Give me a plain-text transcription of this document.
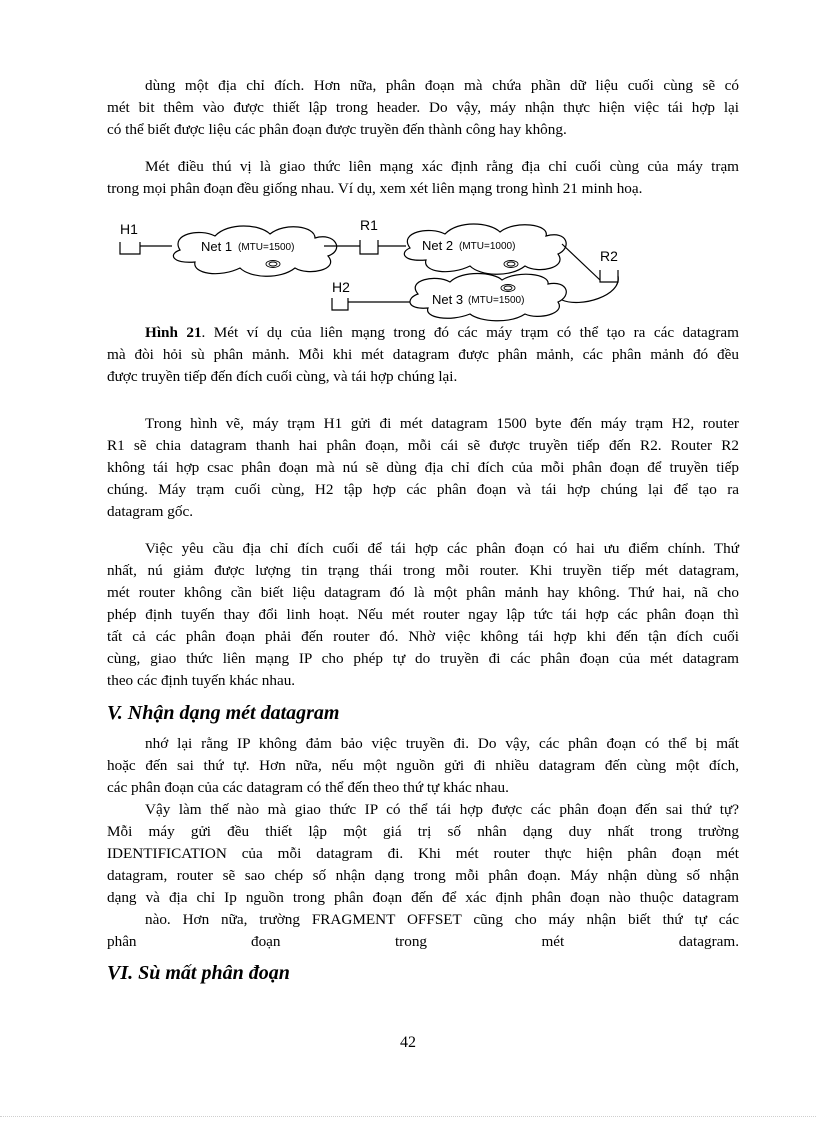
dùng một địa chỉ đích. Hơn nữa, phân đoạn mà chứa phần dữ liệu cuối cùng sẽ có
mét bit thêm vào được thiết lập trong header. Do vậy, máy nhận thực hiện việc tái hợp lại
có thể biết được liệu các phân đoạn được truyền đến thành công hay không.

Mét điều thú vị là giao thức liên mạng xác định rằng địa chỉ cuối cùng của máy trạm
trong mọi phân đoạn đều giống nhau. Ví dụ, xem xét liên mạng trong hình 21 minh hoạ.

H1
Net 1 (MTU=1500)
R1
Net 2 (MTU=1000)
R2
H2
Net 3 (MTU=1500)

Hình 21. Mét ví dụ của liên mạng trong đó các máy trạm có thể tạo ra các datagram
mà đòi hỏi sù phân mảnh. Mỗi khi mét datagram được phân mảnh, các phân mảnh đó đều
được truyền tiếp đến đích cuối cùng, và tái hợp chúng lại.

Trong hình vẽ, máy trạm H1 gửi đi mét datagram 1500 byte đến máy trạm H2, router
R1 sẽ chia datagram thanh hai phân đoạn, mỗi cái sẽ được truyền tiếp đến R2. Router R2
không tái hợp csac phân đoạn mà nú sẽ dùng địa chỉ đích của mỗi phân đoạn để truyền tiếp
chúng. Máy trạm cuối cùng, H2 tập hợp các phân đoạn và tái hợp chúng lại để tạo ra
datagram gốc.

Việc yêu cầu địa chỉ đích cuối để tái hợp các phân đoạn có hai ưu điểm chính. Thứ
nhất, nú giảm được lượng tin trạng thái trong mỗi router. Khi truyền tiếp mét datagram,
mét router không cần biết liệu datagram đó là một phân mảnh hay không. Thứ hai, nã cho
phép định tuyến thay đổi linh hoạt. Nếu mét router ngay lập tức tái hợp các phân đoạn thì
tất cả các phân đoạn phải đến router đó. Nhờ việc không tái hợp khi đến tận đích cuối
cùng, giao thức liên mạng IP cho phép tự do truyền đi các phân đoạn của mét datagram
theo các định tuyến khác nhau.

V. Nhận dạng mét datagram

nhớ lại rằng IP không đảm bảo việc truyền đi. Do vậy, các phân đoạn có thể bị mất
hoặc đến sai thứ tự. Hơn nữa, nếu một nguồn gửi đi nhiều datagram đến cùng một đích,
các phân đoạn của các datagram có thể đến theo thứ tự khác nhau.

Vậy làm thế nào mà giao thức IP có thể tái hợp được các phân đoạn đến sai thứ tự?
Mỗi máy gửi đều thiết lập một giá trị số nhân dạng duy nhất trong trường
IDENTIFICATION của mỗi datagram đi. Khi mét router thực hiện phân đoạn mét
datagram, router sẽ sao chép số nhận dạng trong mỗi phân đoạn. Máy nhận dùng số nhận
dạng và địa chỉ Ip nguồn trong phân đoạn đến để xác định phân đoạn nào thuộc datagram

nào. Hơn nữa, trường FRAGMENT OFFSET cũng cho máy nhận biết thứ tự các
phân đoạn trong mét datagram.

VI. Sù mất phân đoạn
42
